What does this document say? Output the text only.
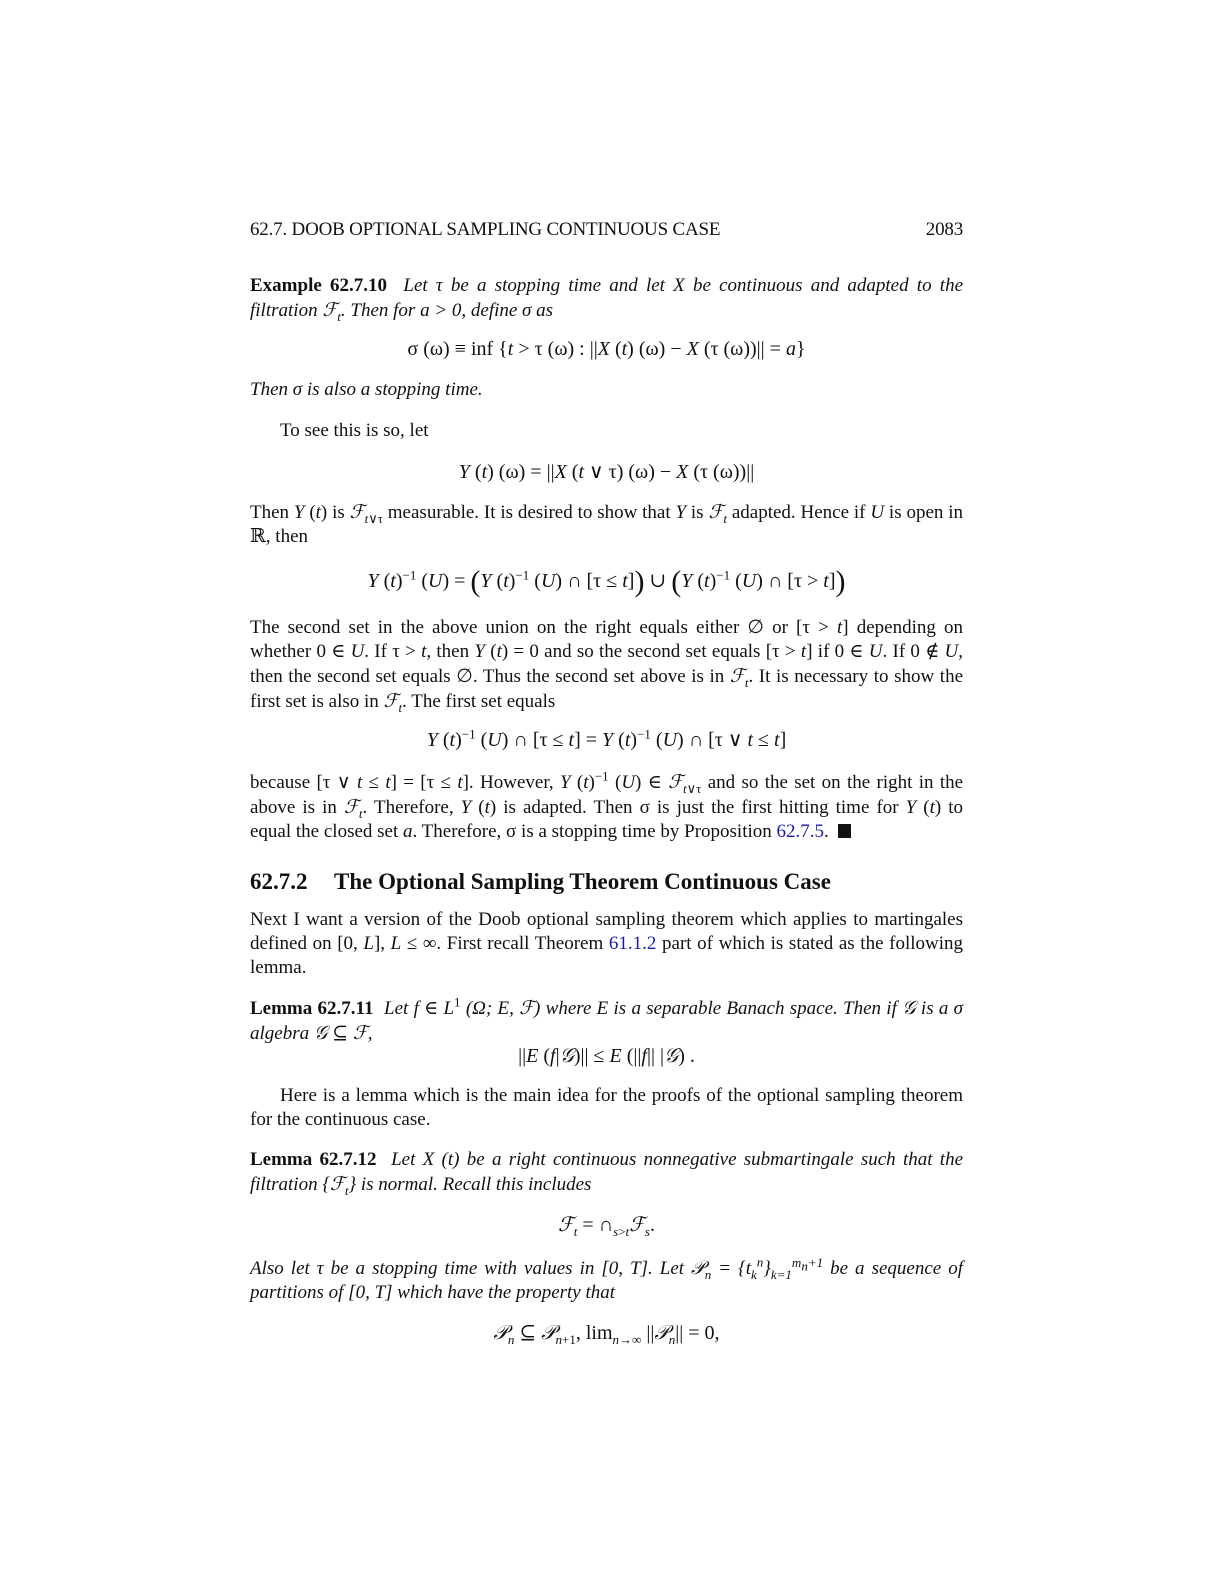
62.7. DOOB OPTIONAL SAMPLING CONTINUOUS CASE	2083
Example 62.7.10 Let τ be a stopping time and let X be continuous and adapted to the filtration ℱ$_t$. Then for a > 0, define σ as
σ (ω) ≡ inf {t > τ (ω) : ||X (t) (ω) − X (τ (ω))|| = a}
Then σ is also a stopping time.
To see this is so, let
Y (t) (ω) = ||X (t ∨ τ) (ω) − X (τ (ω))||
Then Y (t) is ℱ$_{t\vee\tau}$ measurable. It is desired to show that Y is ℱ$_t$ adapted. Hence if U is open in ℝ, then
Y $(t)^{-1}$ (U) = (Y $(t)^{-1}$ (U) ∩ [τ ≤ t]) ∪ (Y $(t)^{-1}$ (U) ∩ [τ > t])
The second set in the above union on the right equals either ∅ or [τ > t] depending on whether 0 ∈ U. If τ > t, then Y (t) = 0 and so the second set equals [τ > t] if 0 ∈ U. If 0 ∉ U, then the second set equals ∅. Thus the second set above is in ℱ$_t$. It is necessary to show the first set is also in ℱ$_t$. The first set equals
Y $(t)^{-1}$ (U) ∩ [τ ≤ t] = Y $(t)^{-1}$ (U) ∩ [τ ∨ t ≤ t]
because [τ ∨ t ≤ t] = [τ ≤ t]. However, Y $(t)^{-1}$ (U) ∈ ℱ$_{t\vee\tau}$ and so the set on the right in the above is in ℱ$_t$. Therefore, Y (t) is adapted. Then σ is just the first hitting time for Y (t) to equal the closed set a. Therefore, σ is a stopping time by Proposition 62.7.5.
62.7.2 The Optional Sampling Theorem Continuous Case
Next I want a version of the Doob optional sampling theorem which applies to martingales defined on [0, L], L ≤ ∞. First recall Theorem 61.1.2 part of which is stated as the following lemma.
Lemma 62.7.11 Let f ∈ $L^1$ (Ω; E, ℱ) where E is a separable Banach space. Then if 𝒢 is a σ algebra 𝒢 ⊆ ℱ,
||E (f|𝒢)|| ≤ E (||f|| |𝒢) .
Here is a lemma which is the main idea for the proofs of the optional sampling theorem for the continuous case.
Lemma 62.7.12 Let X (t) be a right continuous nonnegative submartingale such that the filtration {ℱ$_t$} is normal. Recall this includes
ℱ$_t$ = $\cap_{s>t}ℱ_s$.
Also let τ be a stopping time with values in [0, T]. Let 𝒫$_n$ = $\{t_k^n\}_{k=1}^{m_n+1}$ be a sequence of partitions of [0, T] which have the property that
𝒫$_n$ ⊆ 𝒫$_{n+1}$, $\lim_{n\to\infty}$ ||𝒫$_n$|| = 0,
